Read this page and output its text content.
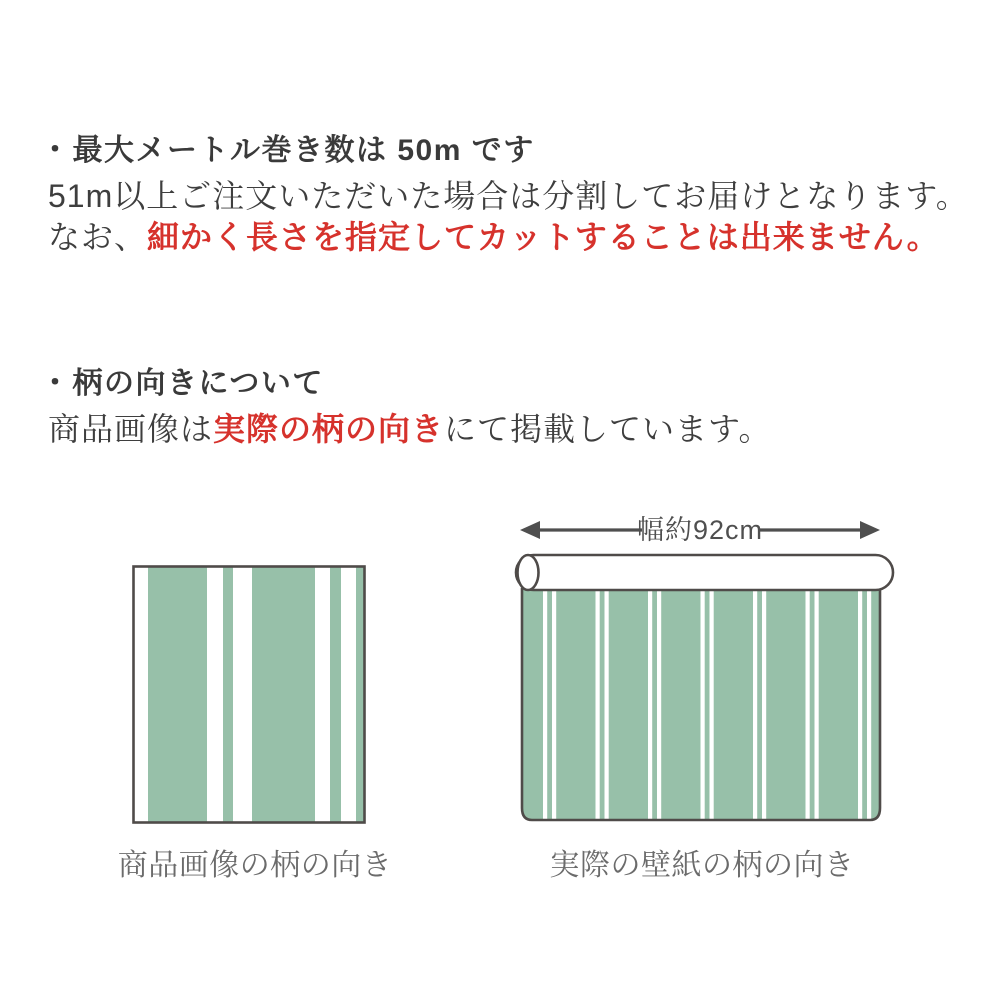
・ 最大メートル巻き数は 50m です
51m以上ご注文いただいた場合は分割してお届けとなります。
なお、細かく長さを指定してカットすることは出来ません。
・ 柄の向きについて
商品画像は実際の柄の向きにて掲載しています。
商品画像の柄の向き
幅約92cm
実際の壁紙の柄の向き
